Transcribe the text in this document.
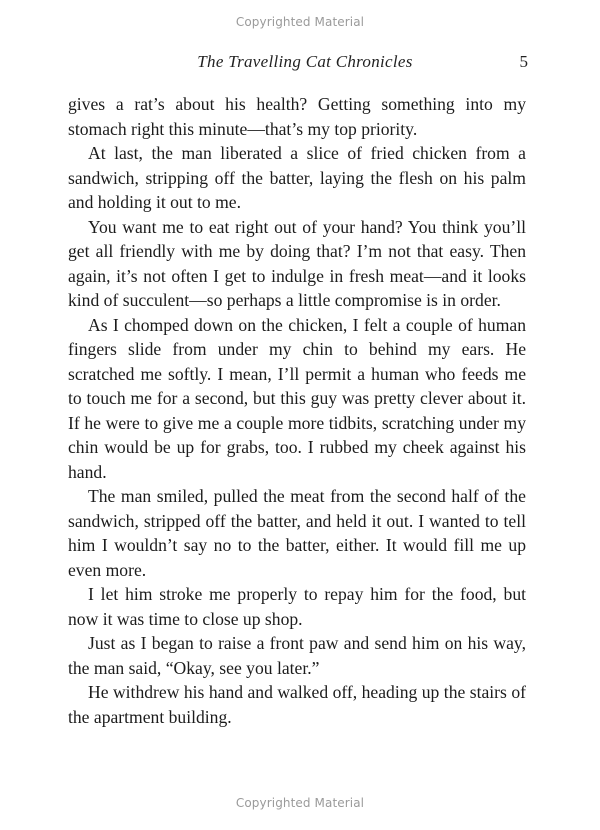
Copyrighted Material
The Travelling Cat Chronicles	5

gives a rat’s about his health? Getting something into my stomach right this minute—that’s my top priority.

At last, the man liberated a slice of fried chicken from a sandwich, stripping off the batter, laying the flesh on his palm and holding it out to me.

You want me to eat right out of your hand? You think you’ll get all friendly with me by doing that? I’m not that easy. Then again, it’s not often I get to indulge in fresh meat—and it looks kind of succulent—so perhaps a little compromise is in order.

As I chomped down on the chicken, I felt a couple of human fingers slide from under my chin to behind my ears. He scratched me softly. I mean, I’ll permit a human who feeds me to touch me for a second, but this guy was pretty clever about it. If he were to give me a couple more tidbits, scratching under my chin would be up for grabs, too. I rubbed my cheek against his hand.

The man smiled, pulled the meat from the second half of the sandwich, stripped off the batter, and held it out. I wanted to tell him I wouldn’t say no to the batter, either. It would fill me up even more.

I let him stroke me properly to repay him for the food, but now it was time to close up shop.

Just as I began to raise a front paw and send him on his way, the man said, “Okay, see you later.”

He withdrew his hand and walked off, heading up the stairs of the apartment building.

Copyrighted Material
